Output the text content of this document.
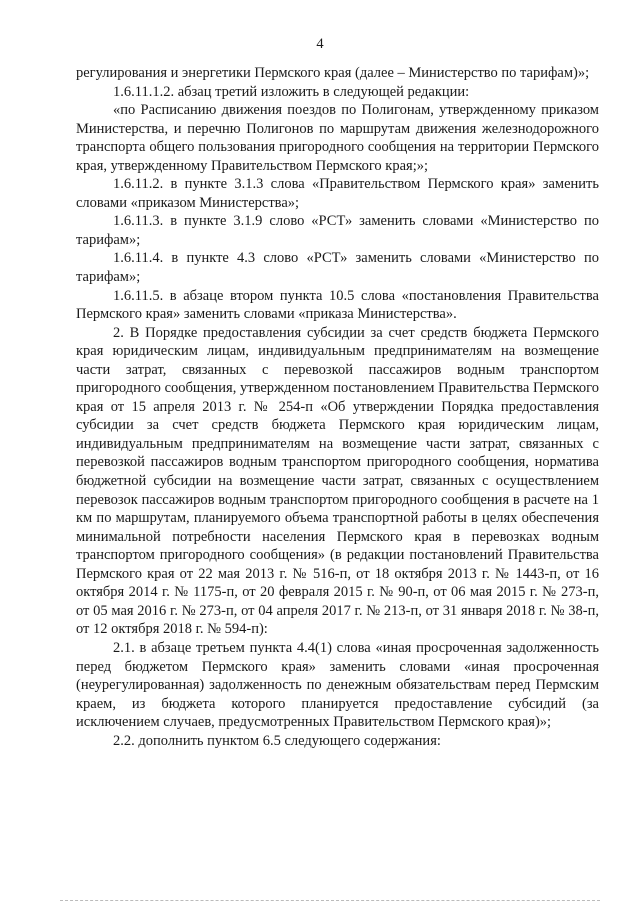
4

регулирования и энергетики Пермского края (далее – Министерство по тарифам)»;

1.6.11.1.2. абзац третий изложить в следующей редакции:

«по Расписанию движения поездов по Полигонам, утвержденному приказом Министерства, и перечню Полигонов по маршрутам движения железнодорожного транспорта общего пользования пригородного сообщения на территории Пермского края, утвержденному Правительством Пермского края;»;

1.6.11.2. в пункте 3.1.3 слова «Правительством Пермского края» заменить словами «приказом Министерства»;

1.6.11.3. в пункте 3.1.9 слово «РСТ» заменить словами «Министерство по тарифам»;

1.6.11.4. в пункте 4.3 слово «РСТ» заменить словами «Министерство по тарифам»;

1.6.11.5. в абзаце втором пункта 10.5 слова «постановления Правительства Пермского края» заменить словами «приказа Министерства».

2. В Порядке предоставления субсидии за счет средств бюджета Пермского края юридическим лицам, индивидуальным предпринимателям на возмещение части затрат, связанных с перевозкой пассажиров водным транспортом пригородного сообщения, утвержденном постановлением Правительства Пермского края от 15 апреля 2013 г. № 254-п «Об утверждении Порядка предоставления субсидии за счет средств бюджета Пермского края юридическим лицам, индивидуальным предпринимателям на возмещение части затрат, связанных с перевозкой пассажиров водным транспортом пригородного сообщения, норматива бюджетной субсидии на возмещение части затрат, связанных с осуществлением перевозок пассажиров водным транспортом пригородного сообщения в расчете на 1 км по маршрутам, планируемого объема транспортной работы в целях обеспечения минимальной потребности населения Пермского края в перевозках водным транспортом пригородного сообщения» (в редакции постановлений Правительства Пермского края от 22 мая 2013 г. № 516-п, от 18 октября 2013 г. № 1443-п, от 16 октября 2014 г. № 1175-п, от 20 февраля 2015 г. № 90-п, от 06 мая 2015 г. № 273-п, от 05 мая 2016 г. № 273-п, от 04 апреля 2017 г. № 213-п, от 31 января 2018 г. № 38-п, от 12 октября 2018 г. № 594-п):

2.1. в абзаце третьем пункта 4.4(1) слова «иная просроченная задолженность перед бюджетом Пермского края» заменить словами «иная просроченная (неурегулированная) задолженность по денежным обязательствам перед Пермским краем, из бюджета которого планируется предоставление субсидий (за исключением случаев, предусмотренных Правительством Пермского края)»;

2.2. дополнить пунктом 6.5 следующего содержания:
